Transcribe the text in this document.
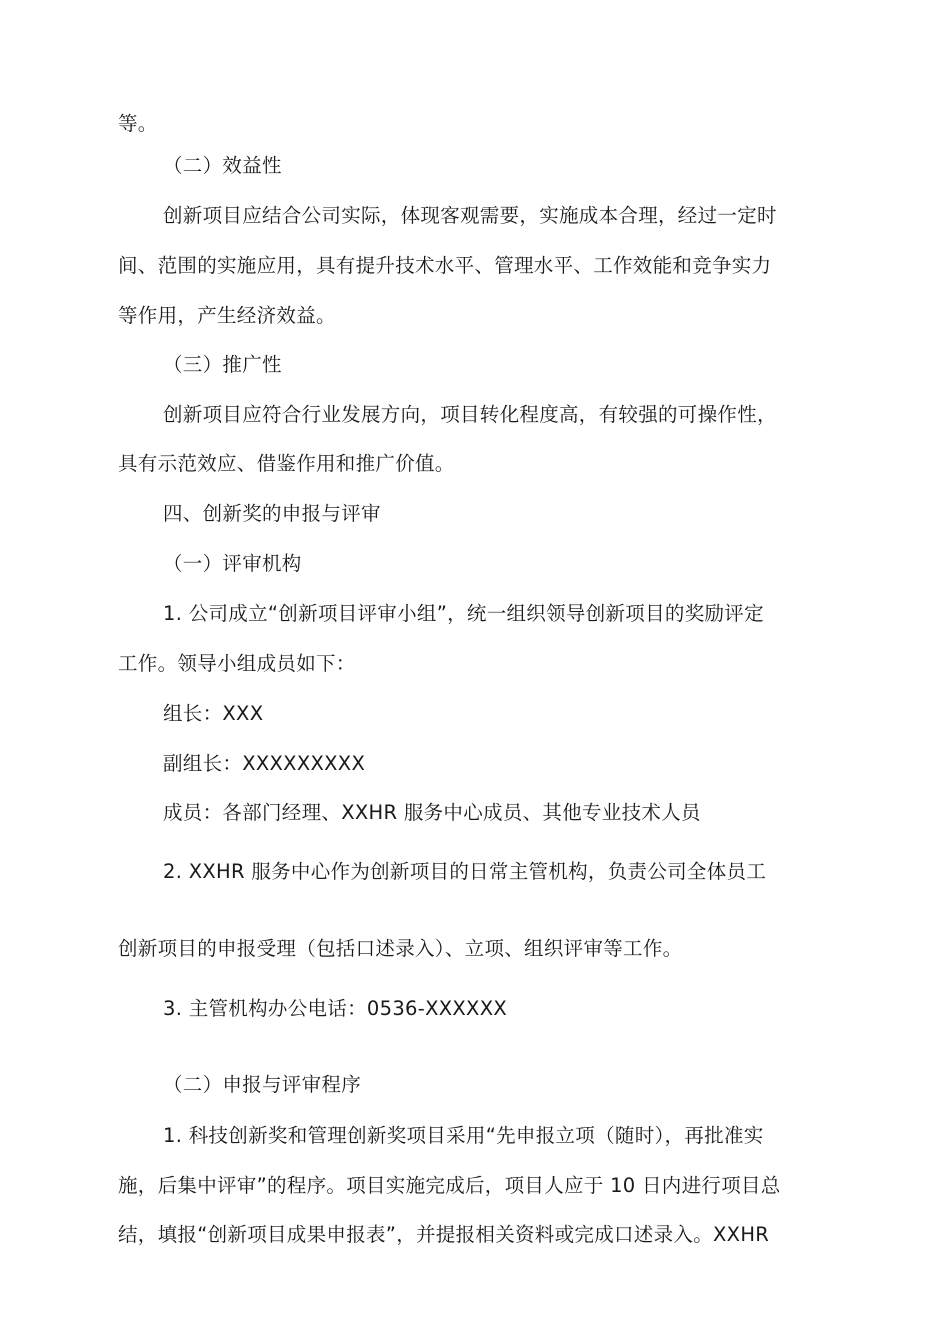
等。
（二）效益性
创新项目应结合公司实际，体现客观需要，实施成本合理，经过一定时
间、范围的实施应用，具有提升技术水平、管理水平、工作效能和竞争实力
等作用，产生经济效益。
（三）推广性
创新项目应符合行业发展方向，项目转化程度高，有较强的可操作性，
具有示范效应、借鉴作用和推广价值。
四、创新奖的申报与评审
（一）评审机构
1. 公司成立“创新项目评审小组”，统一组织领导创新项目的奖励评定
工作。领导小组成员如下：
组长：XXX
副组长：XXXXXXXXX
成员：各部门经理、XXHR 服务中心成员、其他专业技术人员
2. XXHR 服务中心作为创新项目的日常主管机构，负责公司全体员工
创新项目的申报受理（包括口述录入）、立项、组织评审等工作。
3. 主管机构办公电话：0536-XXXXXX
（二）申报与评审程序
1. 科技创新奖和管理创新奖项目采用“先申报立项（随时），再批准实
施，后集中评审”的程序。项目实施完成后，项目人应于 10 日内进行项目总
结，填报“创新项目成果申报表”，并提报相关资料或完成口述录入。XXHR
